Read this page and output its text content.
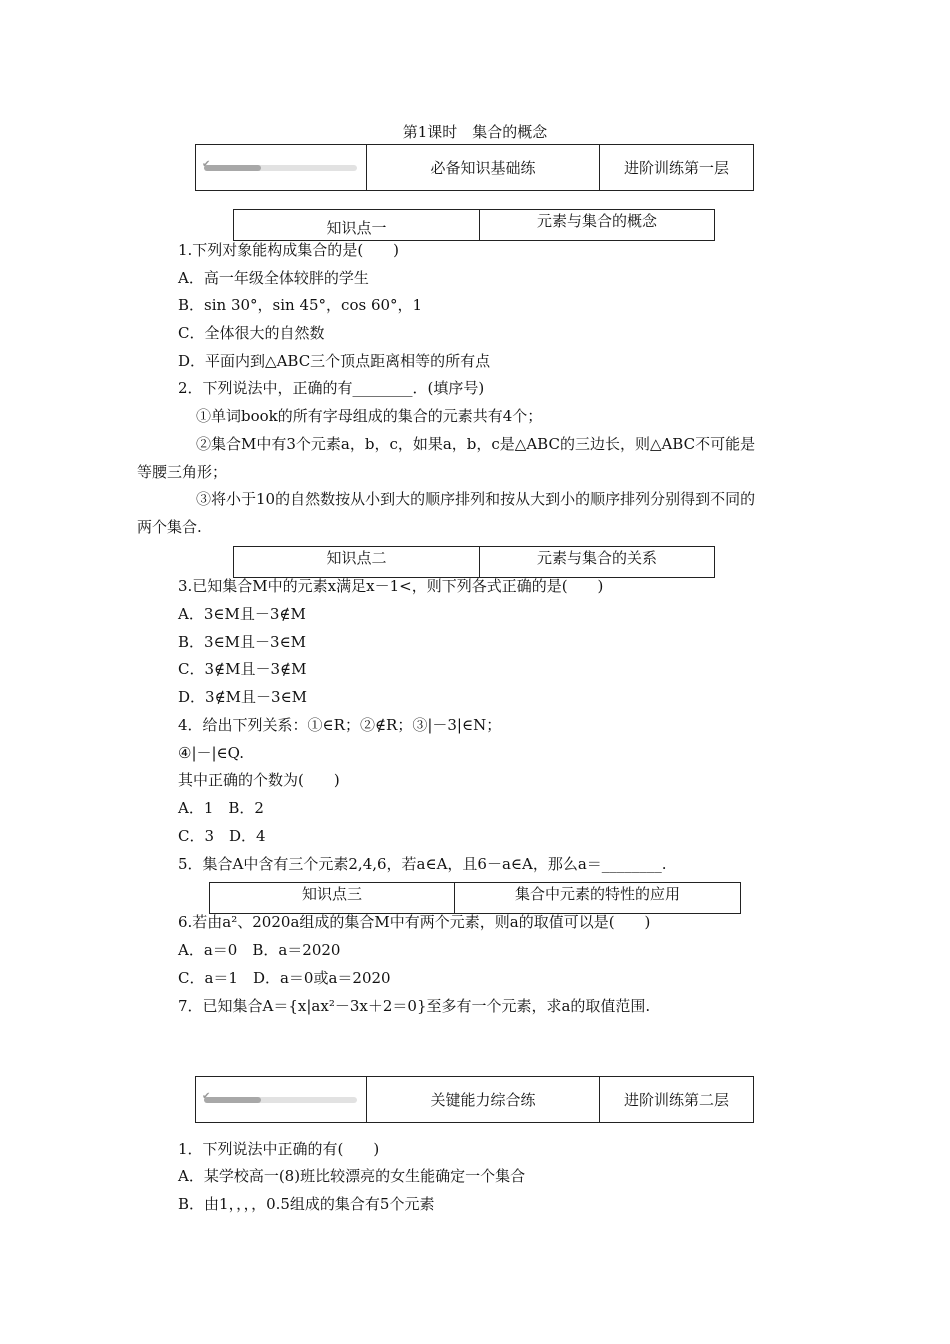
第1课时　集合的概念
✔	必备知识基础练	进阶训练第一层
知识点一	元素与集合的概念
1.下列对象能构成集合的是(　　)
A．高一年级全体较胖的学生
B．sin 30°，sin 45°，cos 60°，1
C．全体很大的自然数
D．平面内到△ABC三个顶点距离相等的所有点
2．下列说法中，正确的有________．(填序号)
①单词book的所有字母组成的集合的元素共有4个；
②集合M中有3个元素a，b，c，如果a，b，c是△ABC的三边长，则△ABC不可能是
等腰三角形；
③将小于10的自然数按从小到大的顺序排列和按从大到小的顺序排列分别得到不同的
两个集合.
知识点二	元素与集合的关系
3.已知集合M中的元素x满足x－1<，则下列各式正确的是(　　)
A．3∈M且－3∉M
B．3∈M且－3∈M
C．3∉M且－3∉M
D．3∉M且－3∈M
4．给出下列关系：①∈R；②∉R；③|－3|∈N；
④|－|∈Q.
其中正确的个数为(　　)
A．1　B．2
C．3　D．4
5．集合A中含有三个元素2,4,6，若a∈A，且6－a∈A，那么a＝________.
知识点三	集合中元素的特性的应用
6.若由a²、2020a组成的集合M中有两个元素，则a的取值可以是(　　)
A．a＝0　B．a＝2020
C．a＝1　D．a＝0或a＝2020
7．已知集合A＝{x|ax²－3x＋2＝0}至多有一个元素，求a的取值范围.
✔	关键能力综合练	进阶训练第二层
1．下列说法中正确的有(　　)
A．某学校高一(8)班比较漂亮的女生能确定一个集合
B．由1，，，，0.5组成的集合有5个元素
